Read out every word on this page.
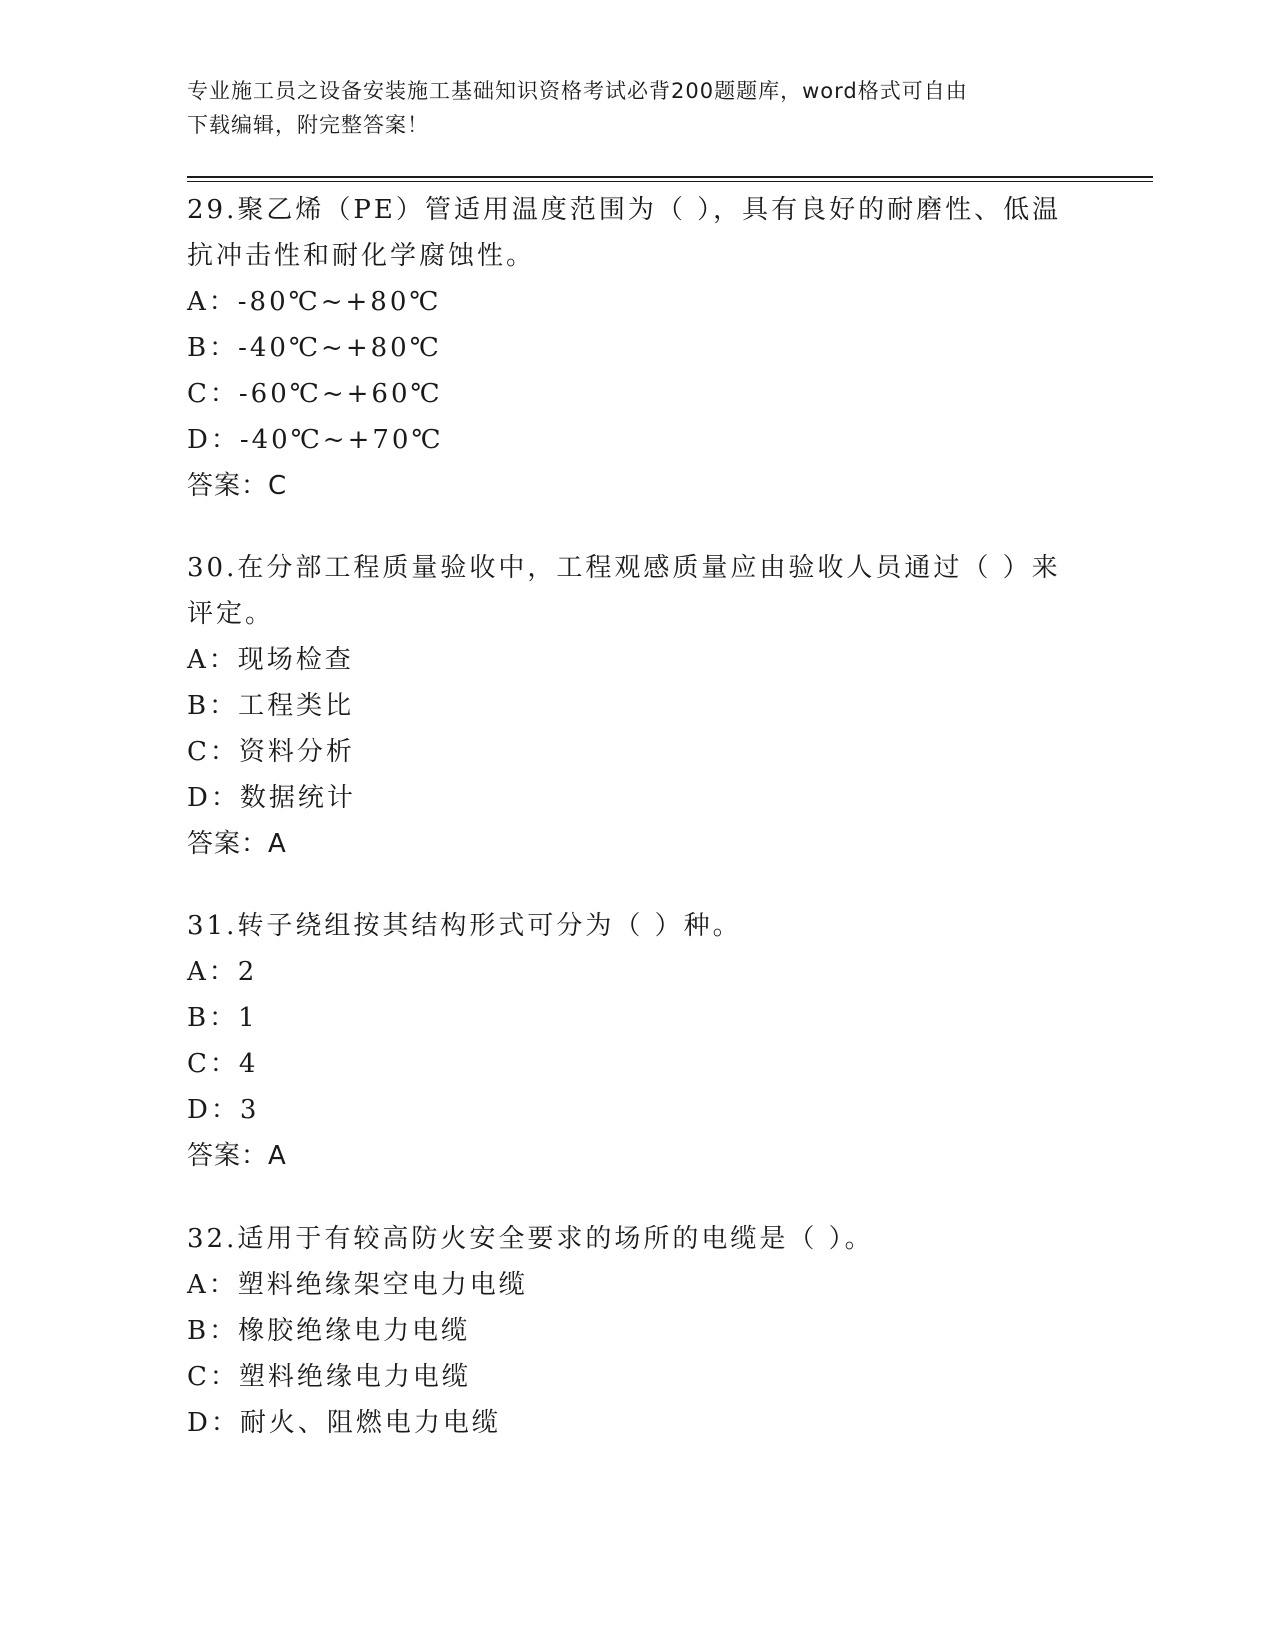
专业施工员之设备安装施工基础知识资格考试必背200题题库，word格式可自由
下载编辑，附完整答案！

29.聚乙烯（PE）管适用温度范围为（ ），具有良好的耐磨性、低温抗冲击性和耐化学腐蚀性。

A：-80℃~+80℃

B：-40℃~+80℃

C：-60℃~+60℃

D：-40℃~+70℃

答案：C

30.在分部工程质量验收中，工程观感质量应由验收人员通过（ ）来评定。

A：现场检查

B：工程类比

C：资料分析

D：数据统计

答案：A

31.转子绕组按其结构形式可分为（ ）种。

A：2

B：1

C：4

D：3

答案：A

32.适用于有较高防火安全要求的场所的电缆是（ ）。

A：塑料绝缘架空电力电缆

B：橡胶绝缘电力电缆

C：塑料绝缘电力电缆

D：耐火、阻燃电力电缆
